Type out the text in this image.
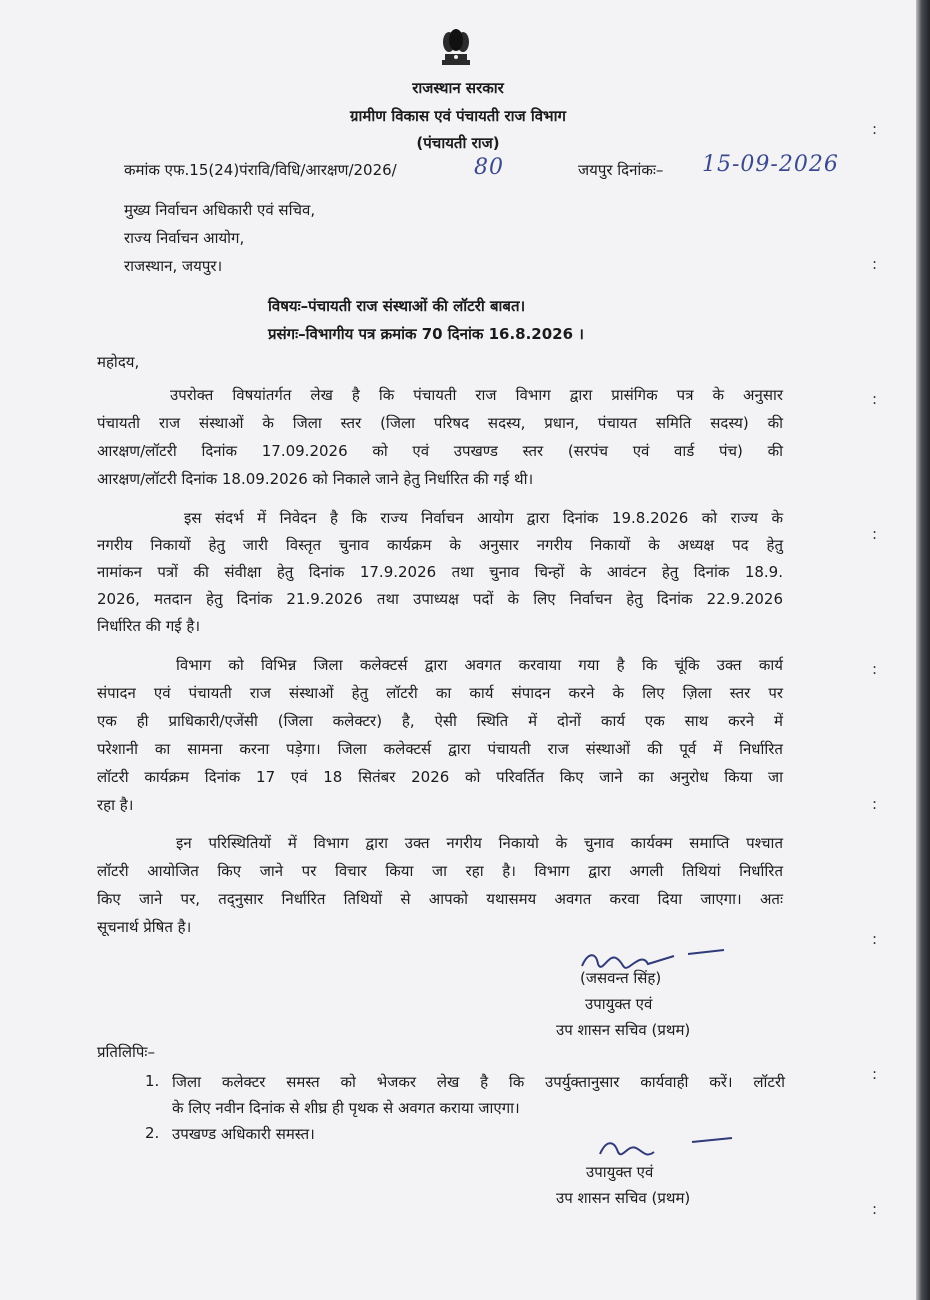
राजस्थान सरकार
ग्रामीण विकास एवं पंचायती राज विभाग
(पंचायती राज)
कमांक एफ.15(24)पंरावि/विधि/आरक्षण/2026/	80	जयपुर दिनांकः– 15-09-2026
मुख्य निर्वाचन अधिकारी एवं सचिव,
राज्य निर्वाचन आयोग,
राजस्थान, जयपुर।
विषयः–पंचायती राज संस्थाओं की लॉटरी बाबत।
प्रसंगः–विभागीय पत्र क्रमांक 70 दिनांक 16.8.2026 ।
महोदय,
उपरोक्त विषयांतर्गत लेख है कि पंचायती राज विभाग द्वारा प्रासंगिक पत्र के अनुसार
पंचायती राज संस्थाओं के जिला स्तर (जिला परिषद सदस्य, प्रधान, पंचायत समिति सदस्य) की
आरक्षण/लॉटरी दिनांक 17.09.2026 को एवं उपखण्ड स्तर (सरपंच एवं वार्ड पंच) की
आरक्षण/लॉटरी दिनांक 18.09.2026 को निकाले जाने हेतु निर्धारित की गई थी।
इस संदर्भ में निवेदन है कि राज्य निर्वाचन आयोग द्वारा दिनांक 19.8.2026 को राज्य के
नगरीय निकायों हेतु जारी विस्तृत चुनाव कार्यक्रम के अनुसार नगरीय निकायों के अध्यक्ष पद हेतु
नामांकन पत्रों की संवीक्षा हेतु दिनांक 17.9.2026 तथा चुनाव चिन्हों के आवंटन हेतु दिनांक 18.9.
2026, मतदान हेतु दिनांक 21.9.2026 तथा उपाध्यक्ष पदों के लिए निर्वाचन हेतु दिनांक 22.9.2026
निर्धारित की गई है।
विभाग को विभिन्न जिला कलेक्टर्स द्वारा अवगत करवाया गया है कि चूंकि उक्त कार्य
संपादन एवं पंचायती राज संस्थाओं हेतु लॉटरी का कार्य संपादन करने के लिए ज़िला स्तर पर
एक ही प्राधिकारी/एजेंसी (जिला कलेक्टर) है, ऐसी स्थिति में दोनों कार्य एक साथ करने में
परेशानी का सामना करना पड़ेगा। जिला कलेक्टर्स द्वारा पंचायती राज संस्थाओं की पूर्व में निर्धारित
लॉटरी कार्यक्रम दिनांक 17 एवं 18 सितंबर 2026 को परिवर्तित किए जाने का अनुरोध किया जा
रहा है।
इन परिस्थितियों में विभाग द्वारा उक्त नगरीय निकायो के चुनाव कार्यक्म समाप्ति पश्चात
लॉटरी आयोजित किए जाने पर विचार किया जा रहा है। विभाग द्वारा अगली तिथियां निर्धारित
किए जाने पर, तद्नुसार निर्धारित तिथियों से आपको यथासमय अवगत करवा दिया जाएगा। अतः
सूचनार्थ प्रेषित है।
(जसवन्त सिंह)
उपायुक्त एवं
उप शासन सचिव (प्रथम)
प्रतिलिपिः–
1. जिला कलेक्टर समस्त को भेजकर लेख है कि उपर्युक्तानुसार कार्यवाही करें। लॉटरी
के लिए नवीन दिनांक से शीघ्र ही पृथक से अवगत कराया जाएगा।
2. उपखण्ड अधिकारी समस्त।
उपायुक्त एवं
उप शासन सचिव (प्रथम)
:
:
:
:
:
:
:
:
:
